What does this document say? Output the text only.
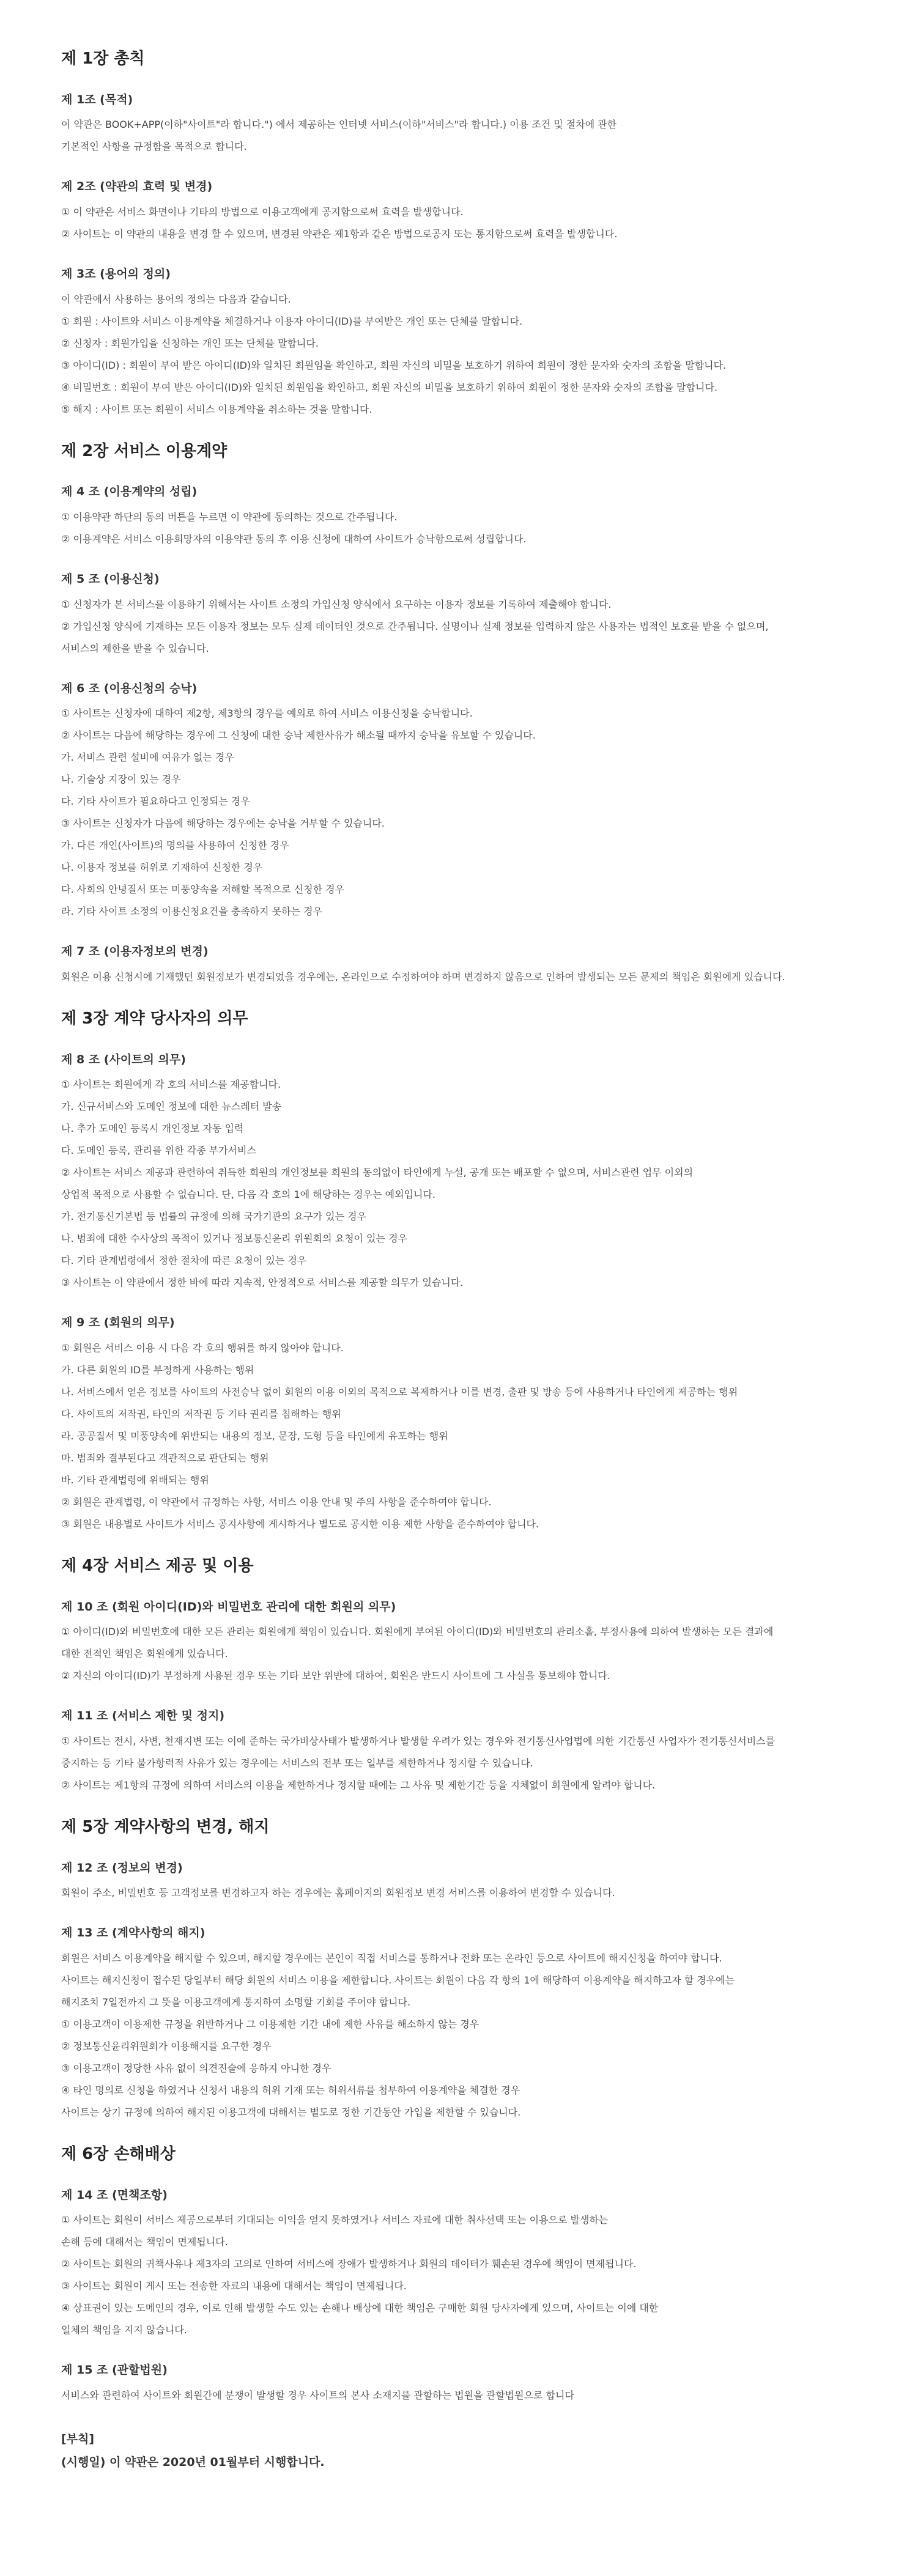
제 1장 총칙
제 1조 (목적)

이 약관은 BOOK+APP(이하"사이트"라 합니다.") 에서 제공하는 인터넷 서비스(이하"서비스"라 합니다.) 이용 조건 및 절차에 관한

기본적인 사항을 규정함을 목적으로 합니다.

제 2조 (약관의 효력 및 변경)

① 이 약관은 서비스 화면이나 기타의 방법으로 이용고객에게 공지함으로써 효력을 발생합니다.

② 사이트는 이 약관의 내용을 변경 할 수 있으며, 변경된 약관은 제1항과 같은 방법으로공지 또는 통지함으로써 효력을 발생합니다.

제 3조 (용어의 정의)

이 약관에서 사용하는 용어의 정의는 다음과 같습니다.

① 회원 : 사이트와 서비스 이용계약을 체결하거나 이용자 아이디(ID)를 부여받은 개인 또는 단체를 말합니다.

② 신청자 : 회원가입을 신청하는 개인 또는 단체를 말합니다.

③ 아이디(ID) : 회원이 부여 받은 아이디(ID)와 일치된 회원임을 확인하고, 회원 자신의 비밀을 보호하기 위하여 회원이 정한 문자와 숫자의 조합을 말합니다.

④ 비밀번호 : 회원이 부여 받은 아이디(ID)와 일치된 회원임을 확인하고, 회원 자신의 비밀을 보호하기 위하여 회원이 정한 문자와 숫자의 조합을 말합니다.

⑤ 해지 : 사이트 또는 회원이 서비스 이용계약을 취소하는 것을 말합니다.

제 2장 서비스 이용계약
제 4 조 (이용계약의 성립)

① 이용약관 하단의 동의 버튼을 누르면 이 약관에 동의하는 것으로 간주됩니다.

② 이용계약은 서비스 이용희망자의 이용약관 동의 후 이용 신청에 대하여 사이트가 승낙함으로써 성립합니다.

제 5 조 (이용신청)

① 신청자가 본 서비스를 이용하기 위해서는 사이트 소정의 가입신청 양식에서 요구하는 이용자 정보를 기록하여 제출해야 합니다.

② 가입신청 양식에 기재하는 모든 이용자 정보는 모두 실제 데이터인 것으로 간주됩니다. 실명이나 실제 정보를 입력하지 않은 사용자는 법적인 보호를 받을 수 없으며,

서비스의 제한을 받을 수 있습니다.

제 6 조 (이용신청의 승낙)

① 사이트는 신청자에 대하여 제2항, 제3항의 경우를 예외로 하여 서비스 이용신청을 승낙합니다.

② 사이트는 다음에 해당하는 경우에 그 신청에 대한 승낙 제한사유가 해소될 때까지 승낙을 유보할 수 있습니다.

가. 서비스 관련 설비에 여유가 없는 경우

나. 기술상 지장이 있는 경우

다. 기타 사이트가 필요하다고 인정되는 경우

③ 사이트는 신청자가 다음에 해당하는 경우에는 승낙을 거부할 수 있습니다.

가. 다른 개인(사이트)의 명의를 사용하여 신청한 경우

나. 이용자 정보를 허위로 기재하여 신청한 경우

다. 사회의 안녕질서 또는 미풍양속을 저해할 목적으로 신청한 경우

라. 기타 사이트 소정의 이용신청요건을 충족하지 못하는 경우

제 7 조 (이용자정보의 변경)

회원은 이용 신청시에 기재했던 회원정보가 변경되었을 경우에는, 온라인으로 수정하여야 하며 변경하지 않음으로 인하여 발생되는 모든 문제의 책임은 회원에게 있습니다.

제 3장 계약 당사자의 의무
제 8 조 (사이트의 의무)

① 사이트는 회원에게 각 호의 서비스를 제공합니다.

가. 신규서비스와 도메인 정보에 대한 뉴스레터 발송

나. 추가 도메인 등록시 개인정보 자동 입력

다. 도메인 등록, 관리를 위한 각종 부가서비스

② 사이트는 서비스 제공과 관련하여 취득한 회원의 개인정보를 회원의 동의없이 타인에게 누설, 공개 또는 배포할 수 없으며, 서비스관련 업무 이외의

상업적 목적으로 사용할 수 없습니다. 단, 다음 각 호의 1에 해당하는 경우는 예외입니다.

가. 전기통신기본법 등 법률의 규정에 의해 국가기관의 요구가 있는 경우

나. 범죄에 대한 수사상의 목적이 있거나 정보통신윤리 위원회의 요청이 있는 경우

다. 기타 관계법령에서 정한 절차에 따른 요청이 있는 경우

③ 사이트는 이 약관에서 정한 바에 따라 지속적, 안정적으로 서비스를 제공할 의무가 있습니다.

제 9 조 (회원의 의무)

① 회원은 서비스 이용 시 다음 각 호의 행위를 하지 않아야 합니다.

가. 다른 회원의 ID를 부정하게 사용하는 행위

나. 서비스에서 얻은 정보를 사이트의 사전승낙 없이 회원의 이용 이외의 목적으로 복제하거나 이를 변경, 출판 및 방송 등에 사용하거나 타인에게 제공하는 행위

다. 사이트의 저작권, 타인의 저작권 등 기타 권리를 침해하는 행위

라. 공공질서 및 미풍양속에 위반되는 내용의 정보, 문장, 도형 등을 타인에게 유포하는 행위

마. 범죄와 결부된다고 객관적으로 판단되는 행위

바. 기타 관계법령에 위배되는 행위

② 회원은 관계법령, 이 약관에서 규정하는 사항, 서비스 이용 안내 및 주의 사항을 준수하여야 합니다.

③ 회원은 내용별로 사이트가 서비스 공지사항에 게시하거나 별도로 공지한 이용 제한 사항을 준수하여야 합니다.

제 4장 서비스 제공 및 이용
제 10 조 (회원 아이디(ID)와 비밀번호 관리에 대한 회원의 의무)

① 아이디(ID)와 비밀번호에 대한 모든 관리는 회원에게 책임이 있습니다. 회원에게 부여된 아이디(ID)와 비밀번호의 관리소홀, 부정사용에 의하여 발생하는 모든 결과에

대한 전적인 책임은 회원에게 있습니다.

② 자신의 아이디(ID)가 부정하게 사용된 경우 또는 기타 보안 위반에 대하여, 회원은 반드시 사이트에 그 사실을 통보해야 합니다.

제 11 조 (서비스 제한 및 정지)

① 사이트는 전시, 사변, 천재지변 또는 이에 준하는 국가비상사태가 발생하거나 발생할 우려가 있는 경우와 전기통신사업법에 의한 기간통신 사업자가 전기통신서비스를

중지하는 등 기타 불가항력적 사유가 있는 경우에는 서비스의 전부 또는 일부를 제한하거나 정지할 수 있습니다.

② 사이트는 제1항의 규정에 의하여 서비스의 이용을 제한하거나 정지할 때에는 그 사유 및 제한기간 등을 지체없이 회원에게 알려야 합니다.

제 5장 계약사항의 변경, 해지
제 12 조 (정보의 변경)

회원이 주소, 비밀번호 등 고객정보를 변경하고자 하는 경우에는 홈페이지의 회원정보 변경 서비스를 이용하여 변경할 수 있습니다.

제 13 조 (계약사항의 해지)

회원은 서비스 이용계약을 해지할 수 있으며, 해지할 경우에는 본인이 직접 서비스를 통하거나 전화 또는 온라인 등으로 사이트에 해지신청을 하여야 합니다.

사이트는 해지신청이 접수된 당일부터 해당 회원의 서비스 이용을 제한합니다. 사이트는 회원이 다음 각 항의 1에 해당하여 이용계약을 해지하고자 할 경우에는

해지조치 7일전까지 그 뜻을 이용고객에게 통지하여 소명할 기회를 주어야 합니다.

① 이용고객이 이용제한 규정을 위반하거나 그 이용제한 기간 내에 제한 사유를 해소하지 않는 경우

② 정보통신윤리위원회가 이용해지를 요구한 경우

③ 이용고객이 정당한 사유 없이 의견진술에 응하지 아니한 경우

④ 타인 명의로 신청을 하였거나 신청서 내용의 허위 기재 또는 허위서류를 첨부하여 이용계약을 체결한 경우

사이트는 상기 규정에 의하여 해지된 이용고객에 대해서는 별도로 정한 기간동안 가입을 제한할 수 있습니다.

제 6장 손해배상
제 14 조 (면책조항)

① 사이트는 회원이 서비스 제공으로부터 기대되는 이익을 얻지 못하였거나 서비스 자료에 대한 취사선택 또는 이용으로 발생하는

손해 등에 대해서는 책임이 면제됩니다.

② 사이트는 회원의 귀책사유나 제3자의 고의로 인하여 서비스에 장애가 발생하거나 회원의 데이터가 훼손된 경우에 책임이 면제됩니다.

③ 사이트는 회원이 게시 또는 전송한 자료의 내용에 대해서는 책임이 면제됩니다.

④ 상표권이 있는 도메인의 경우, 이로 인해 발생할 수도 있는 손해나 배상에 대한 책임은 구매한 회원 당사자에게 있으며, 사이트는 이에 대한

일체의 책임을 지지 않습니다.

제 15 조 (관할법원)

서비스와 관련하여 사이트와 회원간에 분쟁이 발생할 경우 사이트의 본사 소재지를 관할하는 법원을 관할법원으로 합니다

[부칙]

(시행일) 이 약관은 2020년 01월부터 시행합니다.
